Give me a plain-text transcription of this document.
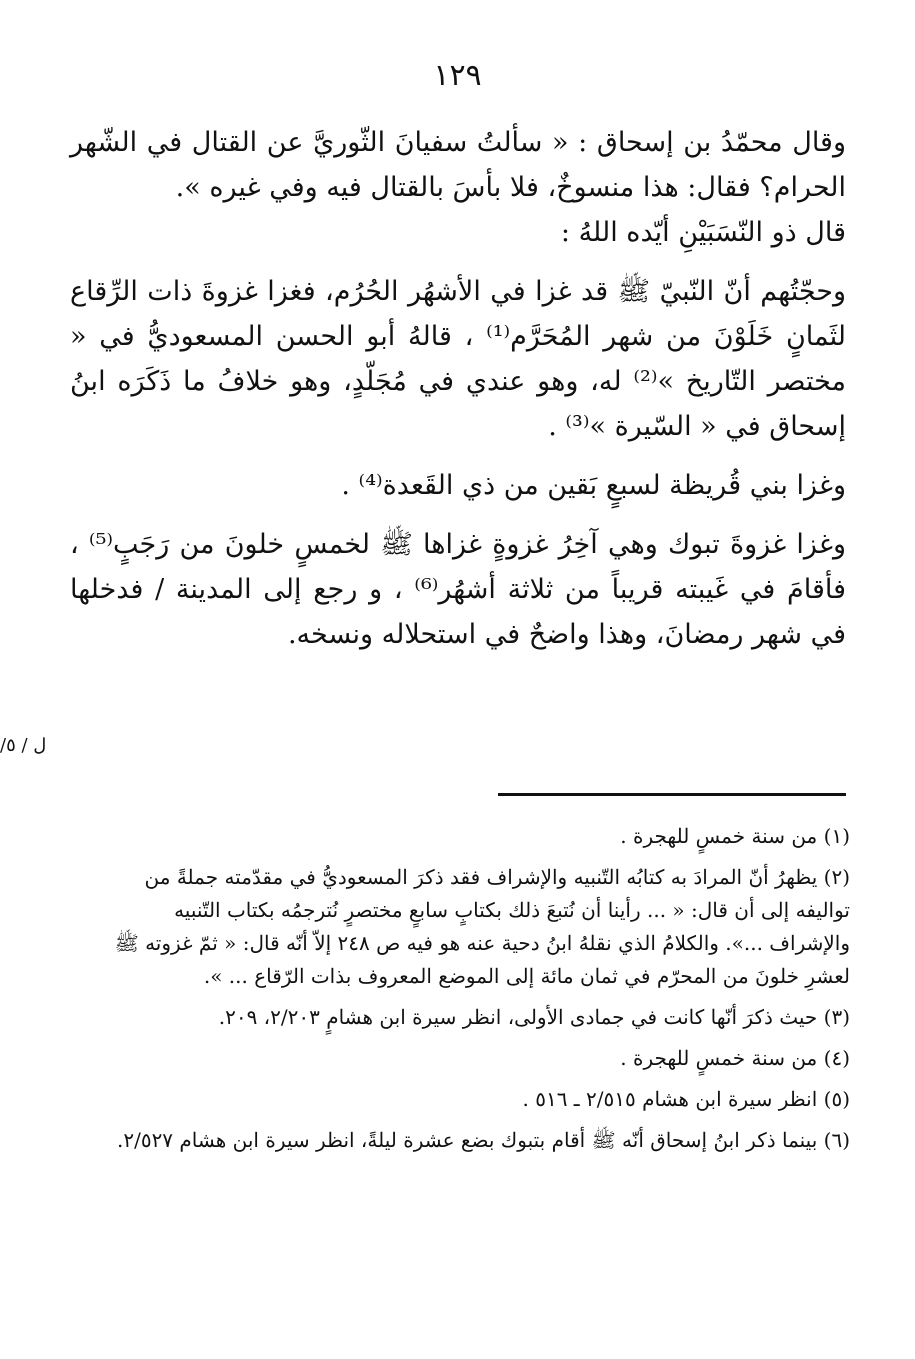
١٢٩

وقال محمّدُ بن إسحاق : « سألتُ سفيانَ الثّوريَّ عن القتال في الشّهر الحرام؟ فقال: هذا منسوخٌ، فلا بأسَ بالقتال فيه وفي غيره ».

قال ذو النّسَبَيْنِ أيّده اللهُ :

وحجّتُهم أنّ النّبيّ ﷺ قد غزا في الأشهُر الحُرُم، فغزا غزوةَ ذات الرِّقاع لثَمانٍ خَلَوْنَ من شهر المُحَرَّم⁽¹⁾ ، قالهُ أبو الحسن المسعوديُّ في « مختصر التّاريخ »⁽²⁾ له، وهو عندي في مُجَلّدٍ، وهو خلافُ ما ذَكَرَه ابنُ إسحاق في « السّيرة »⁽³⁾ .

وغزا بني قُريظة لسبعٍ بَقين من ذي القَعدة⁽⁴⁾ .

وغزا غزوةَ تبوك وهي آخِرُ غزوةٍ غزاها ﷺ لخمسٍ خلونَ من رَجَبٍ⁽⁵⁾ ، فأقامَ في غَيبته قريباً من ثلاثة أشهُر⁽⁶⁾ ، و رجع إلى المدينة / فدخلها في شهر رمضانَ، وهذا واضحٌ في استحلاله ونسخه.

ل / ٥/

(١) من سنة خمسٍ للهجرة .

(٢) يظهرُ أنّ المرادَ به كتابُه التّنبيه والإشراف فقد ذكرَ المسعوديُّ في مقدّمته جملةً من تواليفه إلى أن قال: « ... رأينا أن نُتبعَ ذلك بكتابٍ سابعٍ مختصرٍ نُترجمُه بكتاب التّنبيه والإشراف ...». والكلامُ الذي نقلهُ ابنُ دحية عنه هو فيه ص ٢٤٨ إلاّ أنّه قال: « ثمّ غزوته ﷺ لعشرِ خلونَ من المحرّم في ثمان مائة إلى الموضع المعروف بذات الرّقاع ... ».

(٣) حيث ذكرَ أنّها كانت في جمادى الأولى، انظر سيرة ابن هشامٍ ٢/٢٠٣، ٢٠٩.

(٤) من سنة خمسٍ للهجرة .

(٥) انظر سيرة ابن هشام ٢/٥١٥ ـ ٥١٦ .

(٦) بينما ذكر ابنُ إسحاق أنّه ﷺ أقام بتبوك بضع عشرة ليلةً، انظر سيرة ابن هشام ٢/٥٢٧.
